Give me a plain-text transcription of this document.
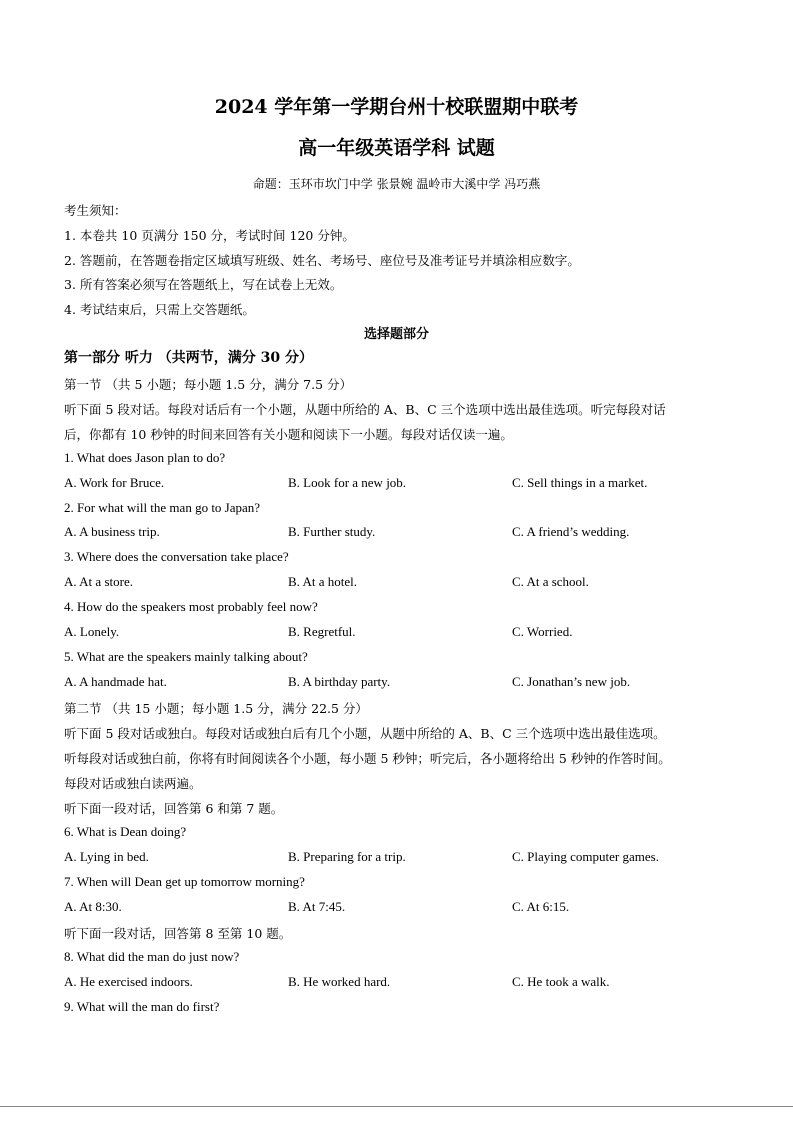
2024 学年第一学期台州十校联盟期中联考
高一年级英语学科 试题
命题：玉环市坎门中学 张景婉 温岭市大溪中学 冯巧燕
考生须知：
1. 本卷共 10 页满分 150 分，考试时间 120 分钟。
2. 答题前，在答题卷指定区域填写班级、姓名、考场号、座位号及准考证号并填涂相应数字。
3. 所有答案必须写在答题纸上，写在试卷上无效。
4. 考试结束后，只需上交答题纸。
选择题部分
第一部分 听力 （共两节，满分 30 分）
第一节 （共 5 小题；每小题 1.5 分，满分 7.5 分）
听下面 5 段对话。每段对话后有一个小题，从题中所给的 A、B、C 三个选项中选出最佳选项。听完每段对话
后，你都有 10 秒钟的时间来回答有关小题和阅读下一小题。每段对话仅读一遍。
1. What does Jason plan to do?
A. Work for Bruce.	B. Look for a new job.	C. Sell things in a market.
2. For what will the man go to Japan?
A. A business trip.	B. Further study.	C. A friend’s wedding.
3. Where does the conversation take place?
A. At a store.	B. At a hotel.	C. At a school.
4. How do the speakers most probably feel now?
A. Lonely.	B. Regretful.	C. Worried.
5. What are the speakers mainly talking about?
A. A handmade hat.	B. A birthday party.	C. Jonathan’s new job.
第二节 （共 15 小题；每小题 1.5 分，满分 22.5 分）
听下面 5 段对话或独白。每段对话或独白后有几个小题，从题中所给的 A、B、C 三个选项中选出最佳选项。
听每段对话或独白前，你将有时间阅读各个小题，每小题 5 秒钟；听完后，各小题将给出 5 秒钟的作答时间。
每段对话或独白读两遍。
听下面一段对话，回答第 6 和第 7 题。
6. What is Dean doing?
A. Lying in bed.	B. Preparing for a trip.	C. Playing computer games.
7. When will Dean get up tomorrow morning?
A. At 8:30.	B. At 7:45.	C. At 6:15.
听下面一段对话，回答第 8 至第 10 题。
8. What did the man do just now?
A. He exercised indoors.	B. He worked hard.	C. He took a walk.
9. What will the man do first?
